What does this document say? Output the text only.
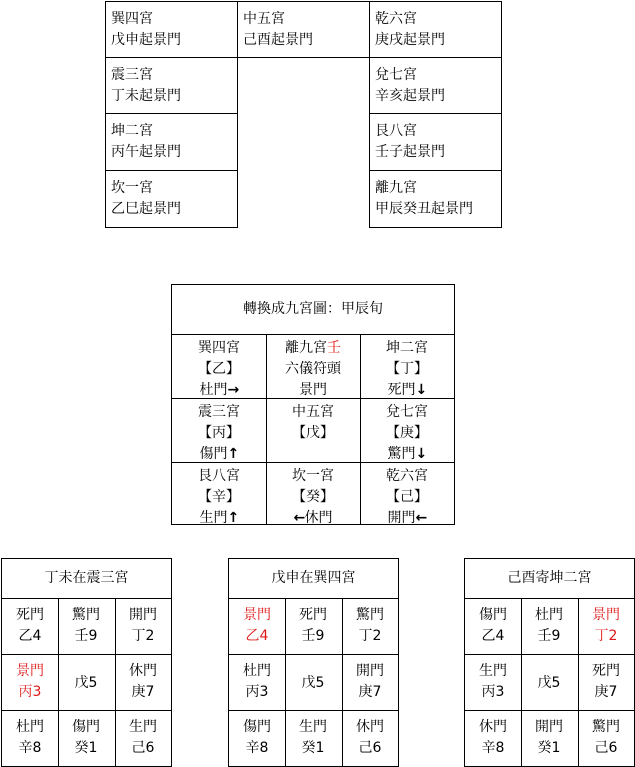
巽四宮
戊申起景門
震三宮
丁未起景門
坤二宮
丙午起景門
坎一宮
乙巳起景門
中五宮
己酉起景門
乾六宮
庚戌起景門
兌七宮
辛亥起景門
艮八宮
壬子起景門
離九宮
甲辰癸丑起景門
轉換成九宮圖：甲辰旬
巽四宮
【乙】
杜門→
離九宮壬
六儀符頭
景門
坤二宮
【丁】
死門↓
震三宮
【丙】
傷門↑
中五宮
【戊】
兌七宮
【庚】
驚門↓
艮八宮
【辛】
生門↑
坎一宮
【癸】
←休門
乾六宮
【己】
開門←
丁未在震三宮
死門
乙4
驚門
壬9
開門
丁2
景門
丙3
戊5
休門
庚7
杜門
辛8
傷門
癸1
生門
己6
戊申在巽四宮
景門
乙4
死門
壬9
驚門
丁2
杜門
丙3
戊5
開門
庚7
傷門
辛8
生門
癸1
休門
己6
己酉寄坤二宮
傷門
乙4
杜門
壬9
景門
丁2
生門
丙3
戊5
死門
庚7
休門
辛8
開門
癸1
驚門
己6
